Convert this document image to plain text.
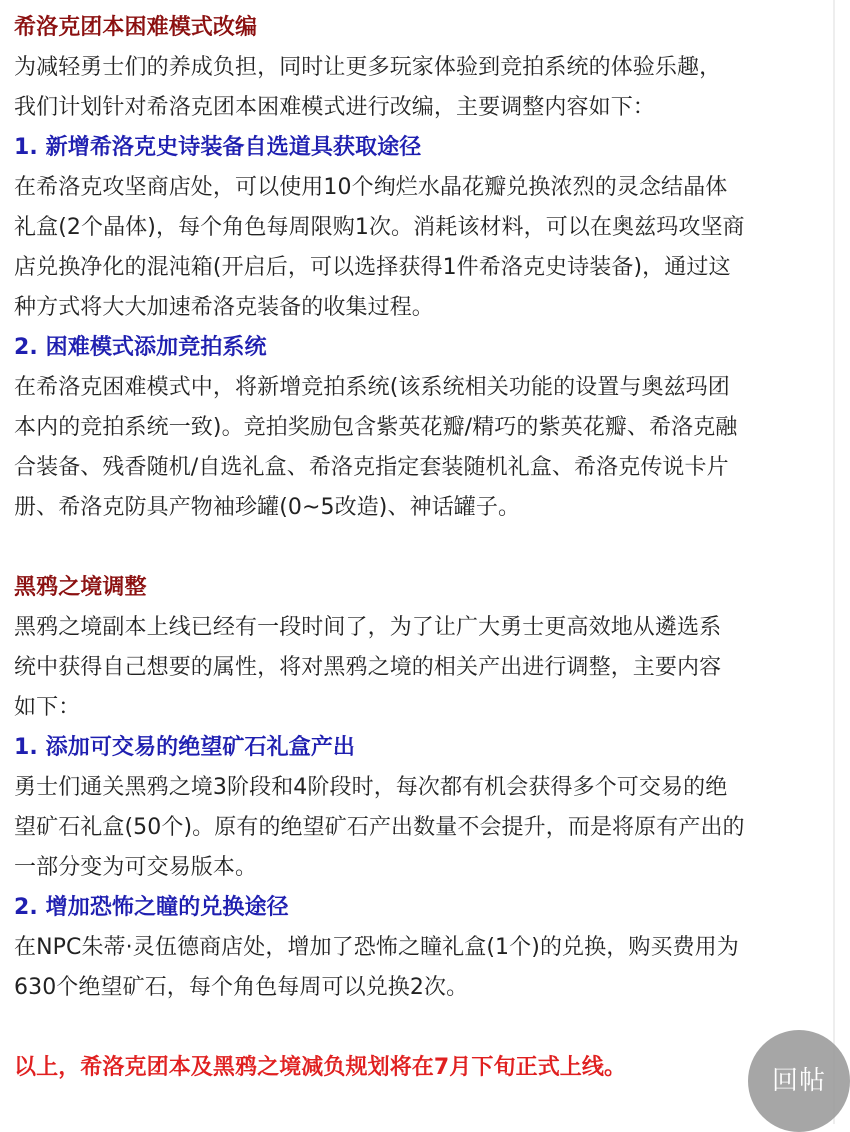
希洛克团本困难模式改编
为减轻勇士们的养成负担，同时让更多玩家体验到竞拍系统的体验乐趣，
我们计划针对希洛克团本困难模式进行改编，主要调整内容如下：
1. 新增希洛克史诗装备自选道具获取途径
在希洛克攻坚商店处，可以使用10个绚烂水晶花瓣兑换浓烈的灵念结晶体
礼盒(2个晶体)，每个角色每周限购1次。消耗该材料，可以在奥兹玛攻坚商
店兑换净化的混沌箱(开启后，可以选择获得1件希洛克史诗装备)，通过这
种方式将大大加速希洛克装备的收集过程。
2. 困难模式添加竞拍系统
在希洛克困难模式中，将新增竞拍系统(该系统相关功能的设置与奥兹玛团
本内的竞拍系统一致)。竞拍奖励包含紫英花瓣/精巧的紫英花瓣、希洛克融
合装备、残香随机/自选礼盒、希洛克指定套装随机礼盒、希洛克传说卡片
册、希洛克防具产物袖珍罐(0~5改造)、神话罐子。
黑鸦之境调整
黑鸦之境副本上线已经有一段时间了，为了让广大勇士更高效地从遴选系
统中获得自己想要的属性，将对黑鸦之境的相关产出进行调整，主要内容
如下：
1. 添加可交易的绝望矿石礼盒产出
勇士们通关黑鸦之境3阶段和4阶段时，每次都有机会获得多个可交易的绝
望矿石礼盒(50个)。原有的绝望矿石产出数量不会提升，而是将原有产出的
一部分变为可交易版本。
2. 增加恐怖之瞳的兑换途径
在NPC朱蒂·灵伍德商店处，增加了恐怖之瞳礼盒(1个)的兑换，购买费用为
630个绝望矿石，每个角色每周可以兑换2次。
以上，希洛克团本及黑鸦之境减负规划将在7月下旬正式上线。	回帖
